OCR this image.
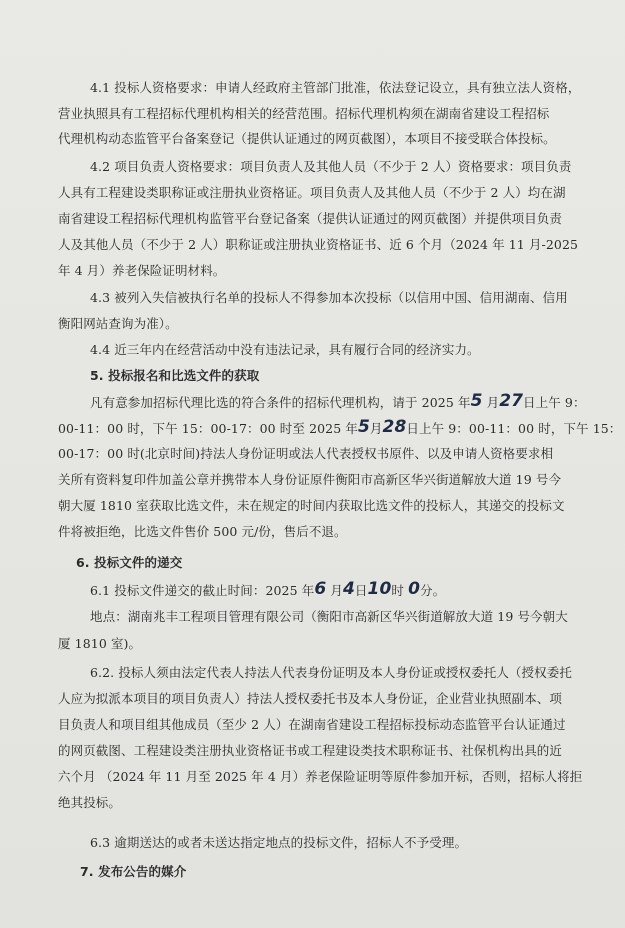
4.1 投标人资格要求：申请人经政府主管部门批准，依法登记设立，具有独立法人资格，
营业执照具有工程招标代理机构相关的经营范围。招标代理机构须在湖南省建设工程招标
代理机构动态监管平台备案登记（提供认证通过的网页截图），本项目不接受联合体投标。
4.2 项目负责人资格要求：项目负责人及其他人员（不少于 2 人）资格要求：项目负责
人具有工程建设类职称证或注册执业资格证。项目负责人及其他人员（不少于 2 人）均在湖
南省建设工程招标代理机构监管平台登记备案（提供认证通过的网页截图）并提供项目负责
人及其他人员（不少于 2 人）职称证或注册执业资格证书、近 6 个月（2024 年 11 月-2025
年 4 月）养老保险证明材料。
4.3 被列入失信被执行名单的投标人不得参加本次投标（以信用中国、信用湖南、信用
衡阳网站查询为准）。
4.4 近三年内在经营活动中没有违法记录，具有履行合同的经济实力。
5. 投标报名和比选文件的获取
凡有意参加招标代理比选的符合条件的招标代理机构，请于 2025 年5 月27日上午 9：
00-11：00 时，下午 15：00-17：00 时至 2025 年5月28日上午 9：00-11：00 时，下午 15：
00-17：00 时(北京时间)持法人身份证明或法人代表授权书原件、以及申请人资格要求相
关所有资料复印件加盖公章并携带本人身份证原件衡阳市高新区华兴街道解放大道 19 号今
朝大厦 1810 室获取比选文件，未在规定的时间内获取比选文件的投标人，其递交的投标文
件将被拒绝，比选文件售价 500 元/份，售后不退。
6. 投标文件的递交
6.1 投标文件递交的截止时间：2025 年6 月4日10时 0分。
地点：湖南兆丰工程项目管理有限公司（衡阳市高新区华兴街道解放大道 19 号今朝大
厦 1810 室)。
6.2. 投标人须由法定代表人持法人代表身份证明及本人身份证或授权委托人（授权委托
人应为拟派本项目的项目负责人）持法人授权委托书及本人身份证，企业营业执照副本、项
目负责人和项目组其他成员（至少 2 人）在湖南省建设工程招标投标动态监管平台认证通过
的网页截图、工程建设类注册执业资格证书或工程建设类技术职称证书、社保机构出具的近
六个月 （2024 年 11 月至 2025 年 4 月）养老保险证明等原件参加开标，否则，招标人将拒
绝其投标。
6.3 逾期送达的或者未送达指定地点的投标文件，招标人不予受理。
7. 发布公告的媒介
